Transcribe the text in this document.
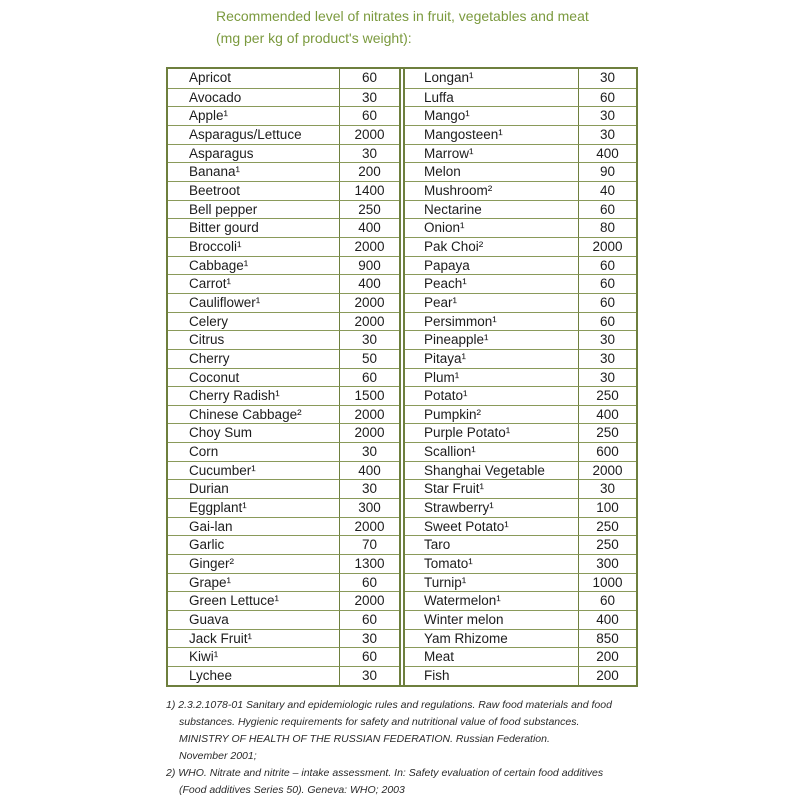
Recommended level of nitrates in fruit, vegetables and meat
(mg per kg of product's weight):
Apricot	60
Avocado	30
Apple¹	60
Asparagus/Lettuce	2000
Asparagus	30
Banana¹	200
Beetroot	1400
Bell pepper	250
Bitter gourd	400
Broccoli¹	2000
Cabbage¹	900
Carrot¹	400
Cauliflower¹	2000
Celery	2000
Citrus	30
Cherry	50
Coconut	60
Cherry Radish¹	1500
Chinese Cabbage²	2000
Choy Sum	2000
Corn	30
Cucumber¹	400
Durian	30
Eggplant¹	300
Gai-lan	2000
Garlic	70
Ginger²	1300
Grape¹	60
Green Lettuce¹	2000
Guava	60
Jack Fruit¹	30
Kiwi¹	60
Lychee	30
Longan¹	30
Luffa	60
Mango¹	30
Mangosteen¹	30
Marrow¹	400
Melon	90
Mushroom²	40
Nectarine	60
Onion¹	80
Pak Choi²	2000
Papaya	60
Peach¹	60
Pear¹	60
Persimmon¹	60
Pineapple¹	30
Pitaya¹	30
Plum¹	30
Potato¹	250
Pumpkin²	400
Purple Potato¹	250
Scallion¹	600
Shanghai Vegetable	2000
Star Fruit¹	30
Strawberry¹	100
Sweet Potato¹	250
Taro	250
Tomato¹	300
Turnip¹	1000
Watermelon¹	60
Winter melon	400
Yam Rhizome	850
Meat	200
Fish	200
1) 2.3.2.1078-01 Sanitary and epidemiologic rules and regulations. Raw food materials and food
substances. Hygienic requirements for safety and nutritional value of food substances.
MINISTRY OF HEALTH OF THE RUSSIAN FEDERATION. Russian Federation.
November 2001;
2) WHO. Nitrate and nitrite – intake assessment. In: Safety evaluation of certain food additives
(Food additives Series 50). Geneva: WHO; 2003
